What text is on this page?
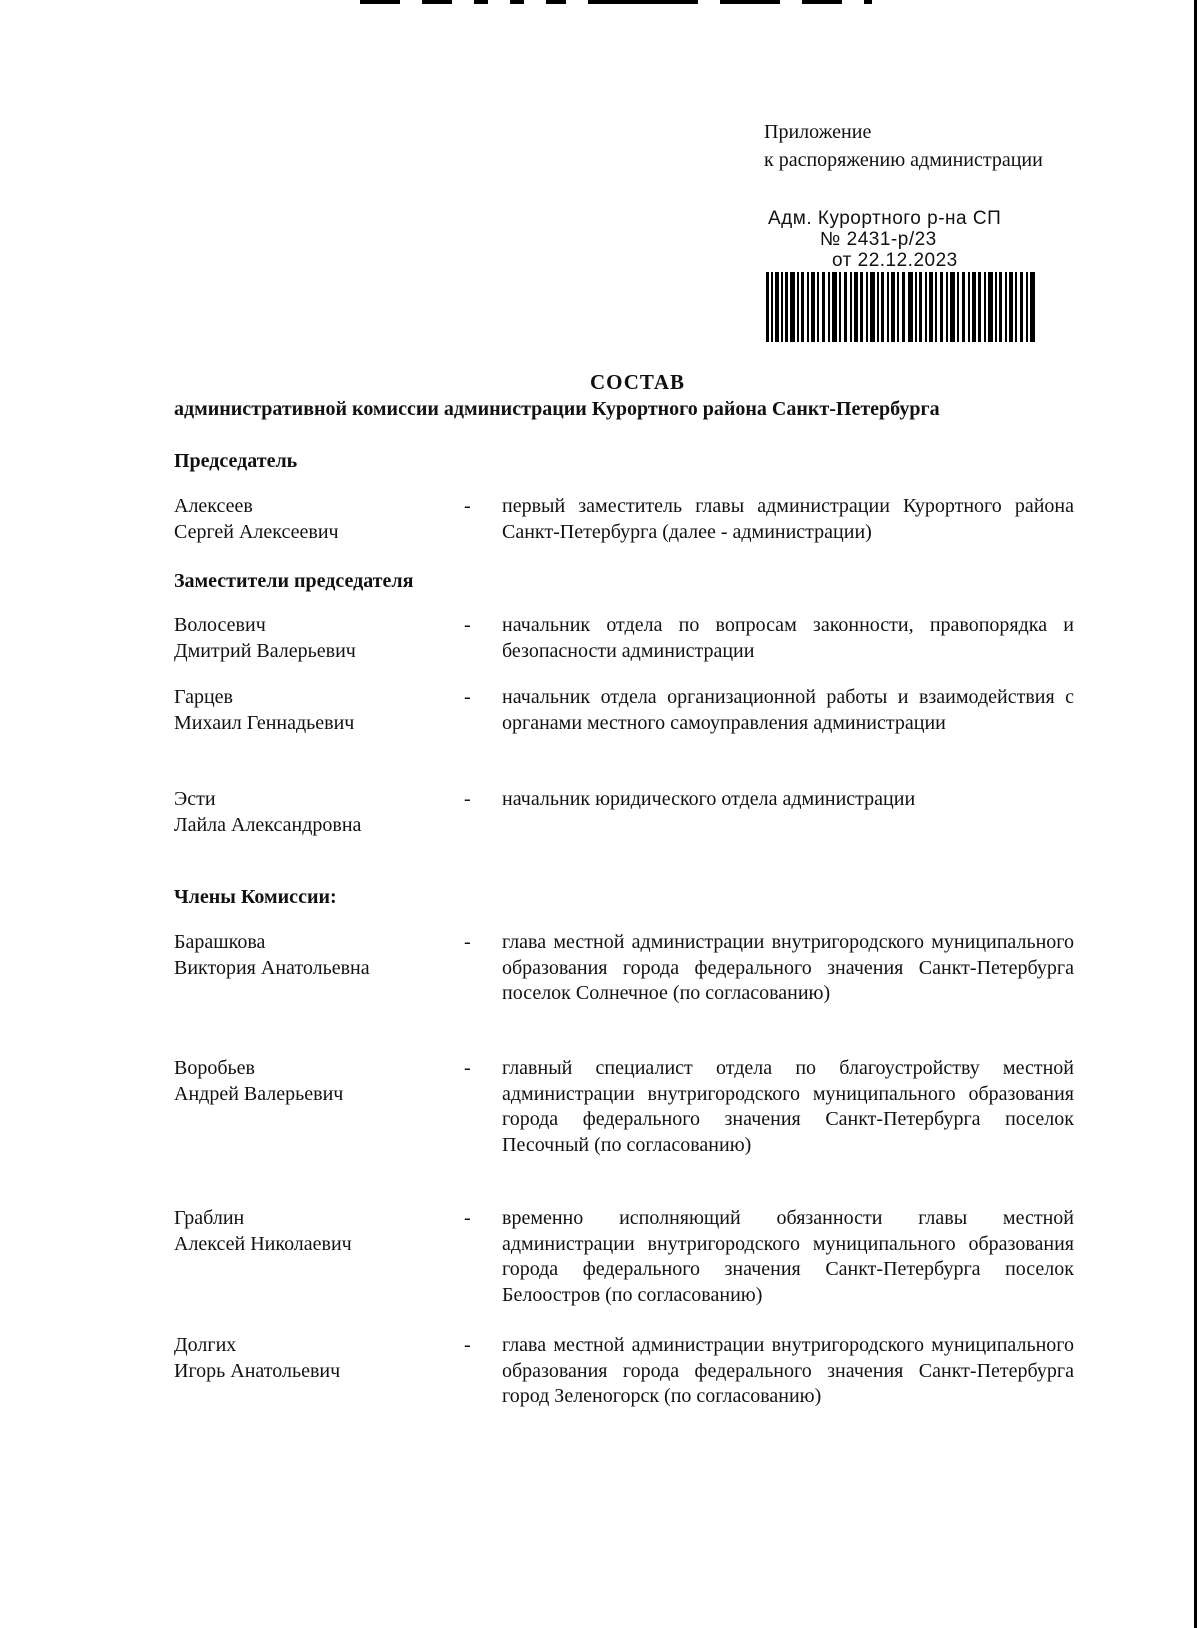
Приложение
к распоряжению администрации
Адм. Курортного р-на СП
№ 2431-р/23
от 22.12.2023
СОСТАВ
административной комиссии администрации Курортного района Санкт-Петербурга
Председатель
Алексеев
Сергей Алексеевич
-	первый заместитель главы администрации Курортного района Санкт-Петербурга (далее - администрации)
Заместители председателя
Волосевич
Дмитрий Валерьевич
-	начальник отдела по вопросам законности, правопорядка и безопасности администрации
Гарцев
Михаил Геннадьевич
-	начальник отдела организационной работы и взаимодействия с органами местного самоуправления администрации
Эсти
Лайла Александровна
-	начальник юридического отдела администрации
Члены Комиссии:
Барашкова
Виктория Анатольевна
-	глава местной администрации внутригородского муниципального образования города федерального значения Санкт-Петербурга поселок Солнечное (по согласованию)
Воробьев
Андрей Валерьевич
-	главный специалист отдела по благоустройству местной администрации внутригородского муниципального образования города федерального значения Санкт-Петербурга поселок Песочный (по согласованию)
Граблин
Алексей Николаевич
-	временно исполняющий обязанности главы местной администрации внутригородского муниципального образования города федерального значения Санкт-Петербурга поселок Белоостров (по согласованию)
Долгих
Игорь Анатольевич
-	глава местной администрации внутригородского муниципального образования города федерального значения Санкт-Петербурга город Зеленогорск (по согласованию)
